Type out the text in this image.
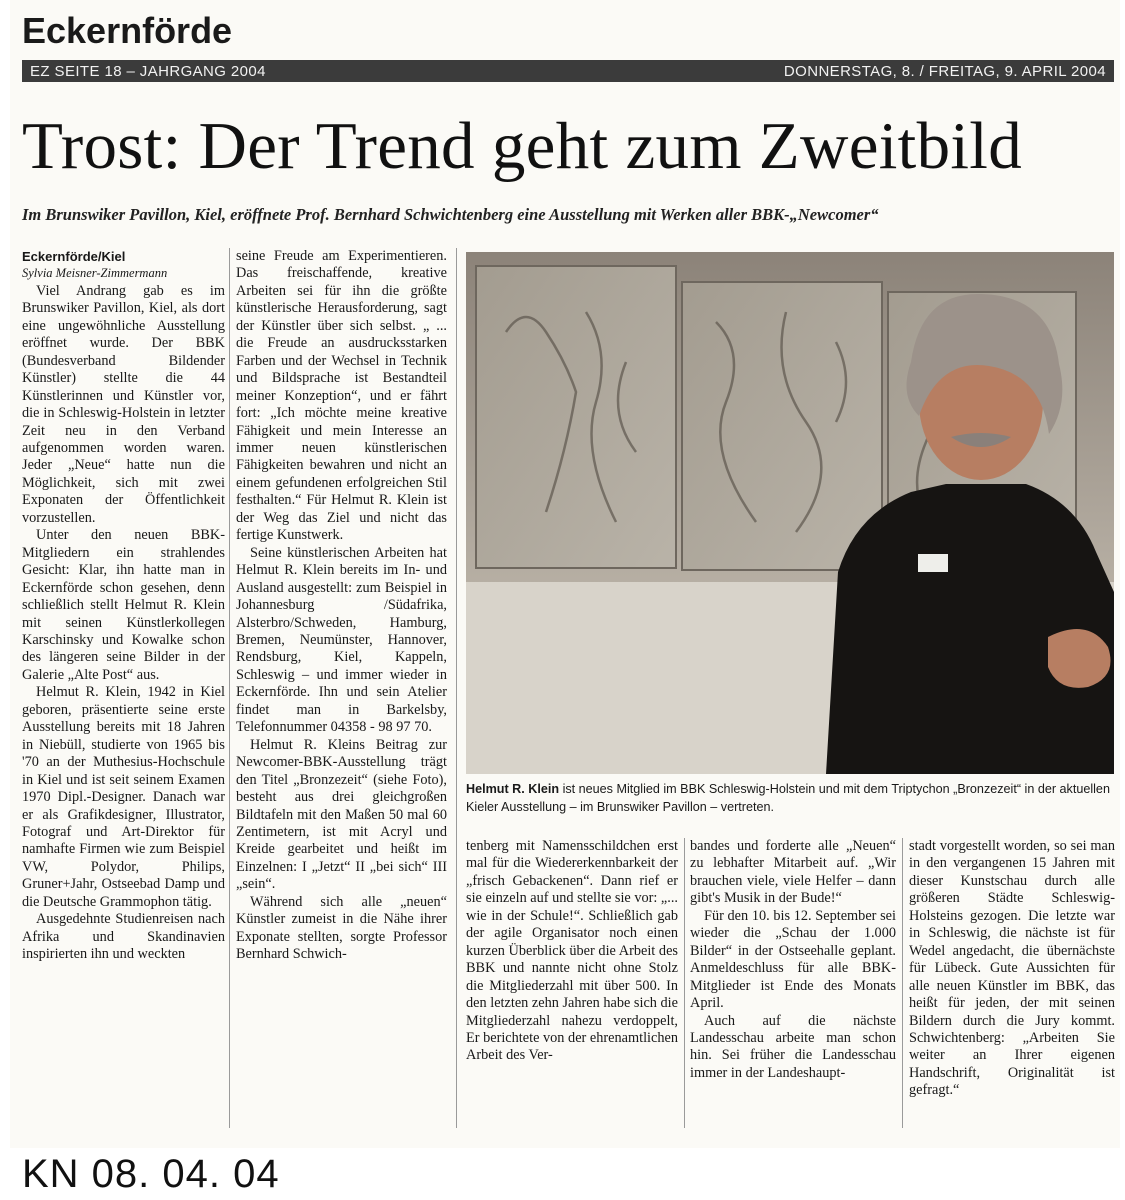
Eckernförde
EZ SEITE 18 – JAHRGANG 2004	DONNERSTAG, 8. / FREITAG, 9. APRIL 2004
Trost: Der Trend geht zum Zweitbild

Im Brunswiker Pavillon, Kiel, eröffnete Prof. Bernhard Schwichtenberg eine Ausstellung mit Werken aller BBK-„Newcomer“

Eckernförde/Kiel

Sylvia Meisner-Zimmermann

Viel Andrang gab es im Brunswiker Pavillon, Kiel, als dort eine ungewöhnliche Ausstellung eröffnet wurde. Der BBK (Bundesverband Bildender Künstler) stellte die 44 Künstlerinnen und Künstler vor, die in Schleswig-Holstein in letzter Zeit neu in den Verband aufgenommen worden waren. Jeder „Neue“ hatte nun die Möglichkeit, sich mit zwei Exponaten der Öffentlichkeit vorzustellen.

Unter den neuen BBK-Mitgliedern ein strahlendes Gesicht: Klar, ihn hatte man in Eckernförde schon gesehen, denn schließlich stellt Helmut R. Klein mit seinen Künstlerkollegen Karschinsky und Kowalke schon des längeren seine Bilder in der Galerie „Alte Post“ aus.

Helmut R. Klein, 1942 in Kiel geboren, präsentierte seine erste Ausstellung bereits mit 18 Jahren in Niebüll, studierte von 1965 bis '70 an der Muthesius-Hochschule in Kiel und ist seit seinem Examen 1970 Dipl.-Designer. Danach war er als Grafikdesigner, Illustrator, Fotograf und Art-Direktor für namhafte Firmen wie zum Beispiel VW, Polydor, Philips, Gruner+Jahr, Ostseebad Damp und die Deutsche Grammophon tätig.

Ausgedehnte Studienreisen nach Afrika und Skandinavien inspirierten ihn und weckten

seine Freude am Experimentieren. Das freischaffende, kreative Arbeiten sei für ihn die größte künstlerische Herausforderung, sagt der Künstler über sich selbst. „ ... die Freude an ausdrucksstarken Farben und der Wechsel in Technik und Bildsprache ist Bestandteil meiner Konzeption“, und er fährt fort: „Ich möchte meine kreative Fähigkeit und mein Interesse an immer neuen künstlerischen Fähigkeiten bewahren und nicht an einem gefundenen erfolgreichen Stil festhalten.“ Für Helmut R. Klein ist der Weg das Ziel und nicht das fertige Kunstwerk.

Seine künstlerischen Arbeiten hat Helmut R. Klein bereits im In- und Ausland ausgestellt: zum Beispiel in Johannesburg /Südafrika, Alsterbro/Schweden, Hamburg, Bremen, Neumünster, Hannover, Rendsburg, Kiel, Kappeln, Schleswig – und immer wieder in Eckernförde. Ihn und sein Atelier findet man in Barkelsby, Telefonnummer 04358 - 98 97 70.

Helmut R. Kleins Beitrag zur Newcomer-BBK-Ausstellung trägt den Titel „Bronzezeit“ (siehe Foto), besteht aus drei gleichgroßen Bildtafeln mit den Maßen 50 mal 60 Zentimetern, ist mit Acryl und Kreide gearbeitet und heißt im Einzelnen: I „Jetzt“ II „bei sich“ III „sein“.

Während sich alle „neuen“ Künstler zumeist in die Nähe ihrer Exponate stellten, sorgte Professor Bernhard Schwich-

Helmut R. Klein ist neues Mitglied im BBK Schleswig-Holstein und mit dem Triptychon „Bronzezeit“ in der aktuellen Kieler Ausstellung – im Brunswiker Pavillon – vertreten.

tenberg mit Namensschildchen erst mal für die Wiedererkennbarkeit der „frisch Gebackenen“. Dann rief er sie einzeln auf und stellte sie vor: „... wie in der Schule!“. Schließlich gab der agile Organisator noch einen kurzen Überblick über die Arbeit des BBK und nannte nicht ohne Stolz die Mitgliederzahl mit über 500. In den letzten zehn Jahren habe sich die Mitgliederzahl nahezu verdoppelt, Er berichtete von der ehrenamtlichen Arbeit des Ver-

bandes und forderte alle „Neuen“ zu lebhafter Mitarbeit auf. „Wir brauchen viele, viele Helfer – dann gibt's Musik in der Bude!“

Für den 10. bis 12. September sei wieder die „Schau der 1.000 Bilder“ in der Ostseehalle geplant. Anmeldeschluss für alle BBK-Mitglieder ist Ende des Monats April.

Auch auf die nächste Landesschau arbeite man schon hin. Sei früher die Landesschau immer in der Landeshaupt-

stadt vorgestellt worden, so sei man in den vergangenen 15 Jahren mit dieser Kunstschau durch alle größeren Städte Schleswig-Holsteins gezogen. Die letzte war in Schleswig, die nächste ist für Wedel angedacht, die übernächste für Lübeck. Gute Aussichten für alle neuen Künstler im BBK, das heißt für jeden, der mit seinen Bildern durch die Jury kommt. Schwichtenberg: „Arbeiten Sie weiter an Ihrer eigenen Handschrift, Originalität ist gefragt.“

KN 08. 04. 04
